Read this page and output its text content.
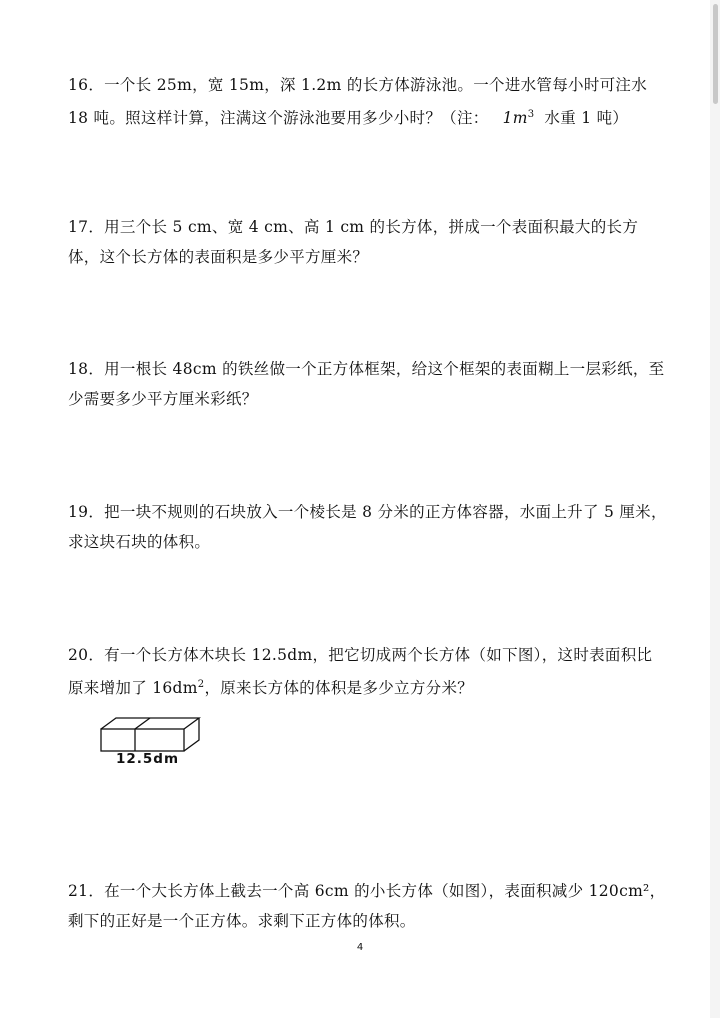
16．一个长 25m，宽 15m，深 1.2m 的长方体游泳池。一个进水管每小时可注水 18 吨。照这样计算，注满这个游泳池要用多少小时？（注： $1m^3$ 水重 1 吨）

17．用三个长 5 cm、宽 4 cm、高 1 cm 的长方体，拼成一个表面积最大的长方体，这个长方体的表面积是多少平方厘米？

18．用一根长 48cm 的铁丝做一个正方体框架，给这个框架的表面糊上一层彩纸，至少需要多少平方厘米彩纸？

19．把一块不规则的石块放入一个棱长是 8 分米的正方体容器，水面上升了 5 厘米，求这块石块的体积。

20．有一个长方体木块长 12.5dm，把它切成两个长方体（如下图），这时表面积比原来增加了 $16dm^2$，原来长方体的体积是多少立方分米？

12.5dm

21．在一个大长方体上截去一个高 6cm 的小长方体（如图），表面积减少 120cm²，剩下的正好是一个正方体。求剩下正方体的体积。

4
